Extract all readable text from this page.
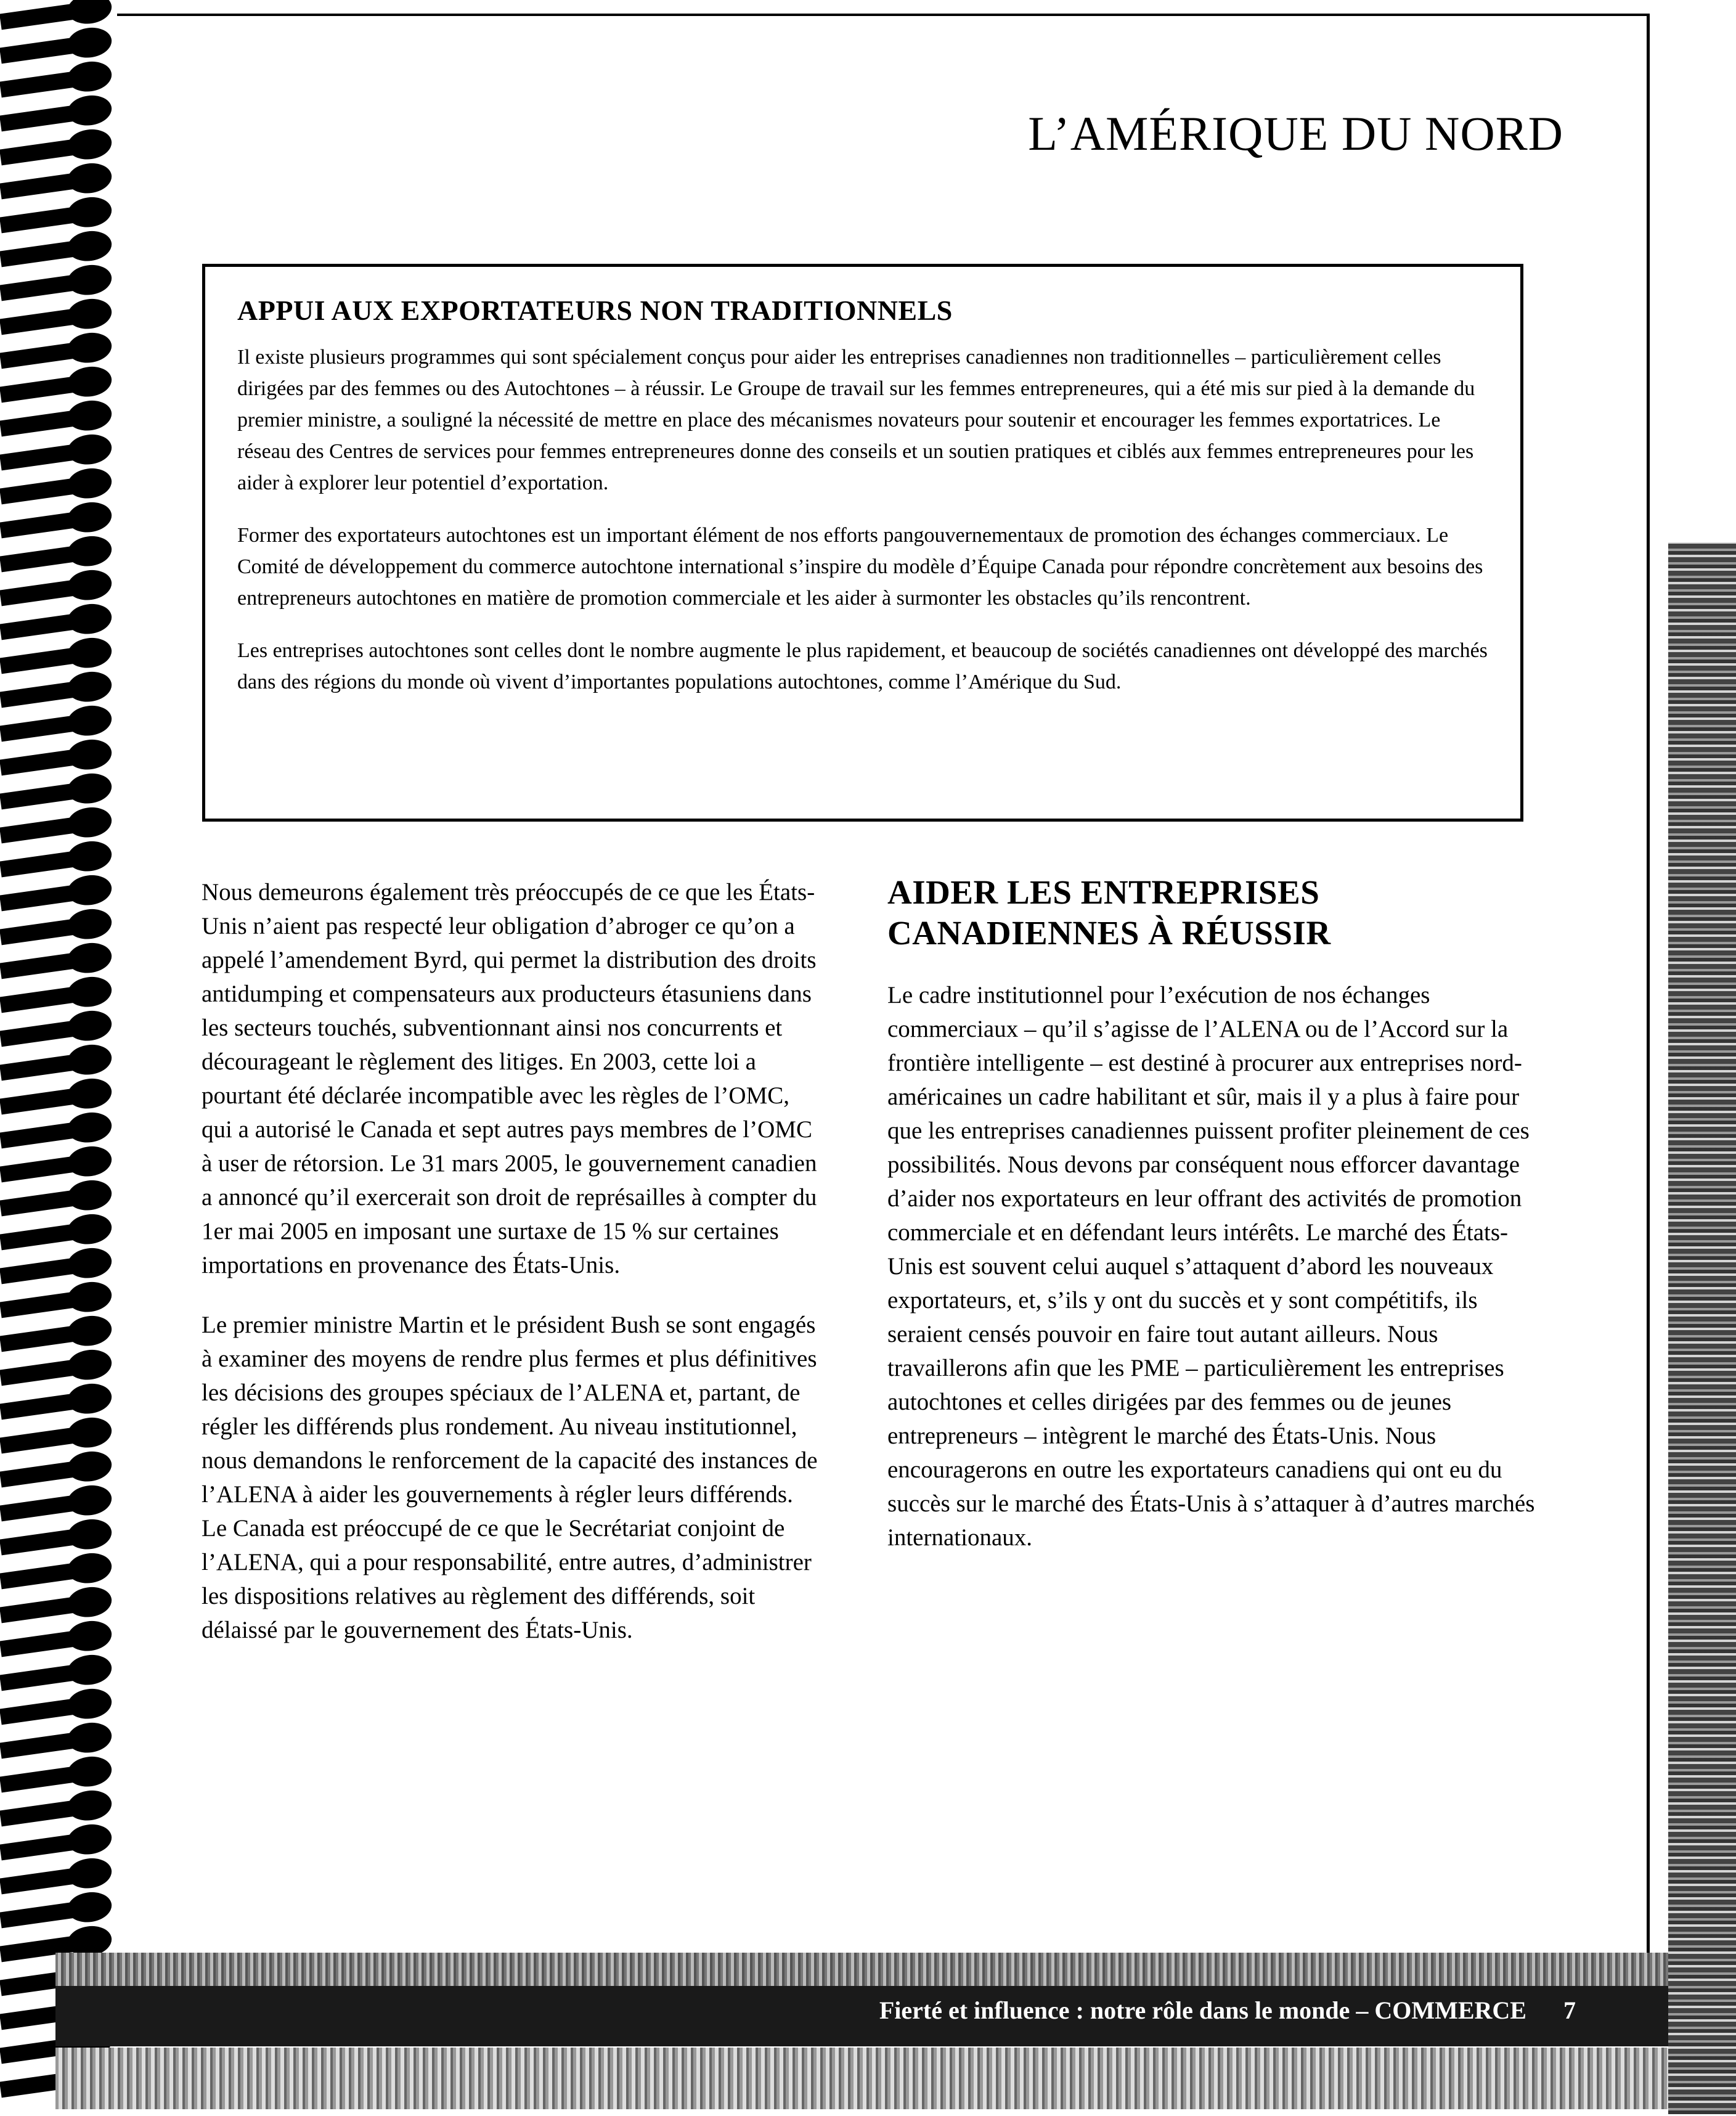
L’AMÉRIQUE DU NORD
APPUI AUX EXPORTATEURS NON TRADITIONNELS

Il existe plusieurs programmes qui sont spécialement conçus pour aider les entreprises canadiennes non traditionnelles – particulièrement celles dirigées par des femmes ou des Autochtones – à réussir. Le Groupe de travail sur les femmes entrepreneures, qui a été mis sur pied à la demande du premier ministre, a souligné la nécessité de mettre en place des mécanismes novateurs pour soutenir et encourager les femmes exportatrices. Le réseau des Centres de services pour femmes entrepreneures donne des conseils et un soutien pratiques et ciblés aux femmes entrepreneures pour les aider à explorer leur potentiel d’exportation.

Former des exportateurs autochtones est un important élément de nos efforts pangouvernementaux de promotion des échanges commerciaux. Le Comité de développement du commerce autochtone international s’inspire du modèle d’Équipe Canada pour répondre concrètement aux besoins des entrepreneurs autochtones en matière de promotion commerciale et les aider à surmonter les obstacles qu’ils rencontrent.

Les entreprises autochtones sont celles dont le nombre augmente le plus rapidement, et beaucoup de sociétés canadiennes ont développé des marchés dans des régions du monde où vivent d’importantes populations autochtones, comme l’Amérique du Sud.

Nous demeurons également très préoccupés de ce que les États-Unis n’aient pas respecté leur obligation d’abroger ce qu’on a appelé l’amendement Byrd, qui permet la distribution des droits antidumping et compensateurs aux producteurs étasuniens dans les secteurs touchés, subventionnant ainsi nos concurrents et décourageant le règlement des litiges. En 2003, cette loi a pourtant été déclarée incompatible avec les règles de l’OMC, qui a autorisé le Canada et sept autres pays membres de l’OMC à user de rétorsion. Le 31 mars 2005, le gouvernement canadien a annoncé qu’il exercerait son droit de représailles à compter du 1er mai 2005 en imposant une surtaxe de 15 % sur certaines importations en provenance des États-Unis.

Le premier ministre Martin et le président Bush se sont engagés à examiner des moyens de rendre plus fermes et plus définitives les décisions des groupes spéciaux de l’ALENA et, partant, de régler les différends plus rondement. Au niveau institutionnel, nous demandons le renforcement de la capacité des instances de l’ALENA à aider les gouvernements à régler leurs différends. Le Canada est préoccupé de ce que le Secrétariat conjoint de l’ALENA, qui a pour responsabilité, entre autres, d’administrer les dispositions relatives au règlement des différends, soit délaissé par le gouvernement des États-Unis.

AIDER LES ENTREPRISES CANADIENNES À RÉUSSIR

Le cadre institutionnel pour l’exécution de nos échanges commerciaux – qu’il s’agisse de l’ALENA ou de l’Accord sur la frontière intelligente – est destiné à procurer aux entreprises nord-américaines un cadre habilitant et sûr, mais il y a plus à faire pour que les entreprises canadiennes puissent profiter pleinement de ces possibilités. Nous devons par conséquent nous efforcer davantage d’aider nos exportateurs en leur offrant des activités de promotion commerciale et en défendant leurs intérêts. Le marché des États-Unis est souvent celui auquel s’attaquent d’abord les nouveaux exportateurs, et, s’ils y ont du succès et y sont compétitifs, ils seraient censés pouvoir en faire tout autant ailleurs. Nous travaillerons afin que les PME – particulièrement les entreprises autochtones et celles dirigées par des femmes ou de jeunes entrepreneurs – intègrent le marché des États-Unis. Nous encouragerons en outre les exportateurs canadiens qui ont eu du succès sur le marché des États-Unis à s’attaquer à d’autres marchés internationaux.

Fierté et influence : notre rôle dans le monde – COMMERCE 7
